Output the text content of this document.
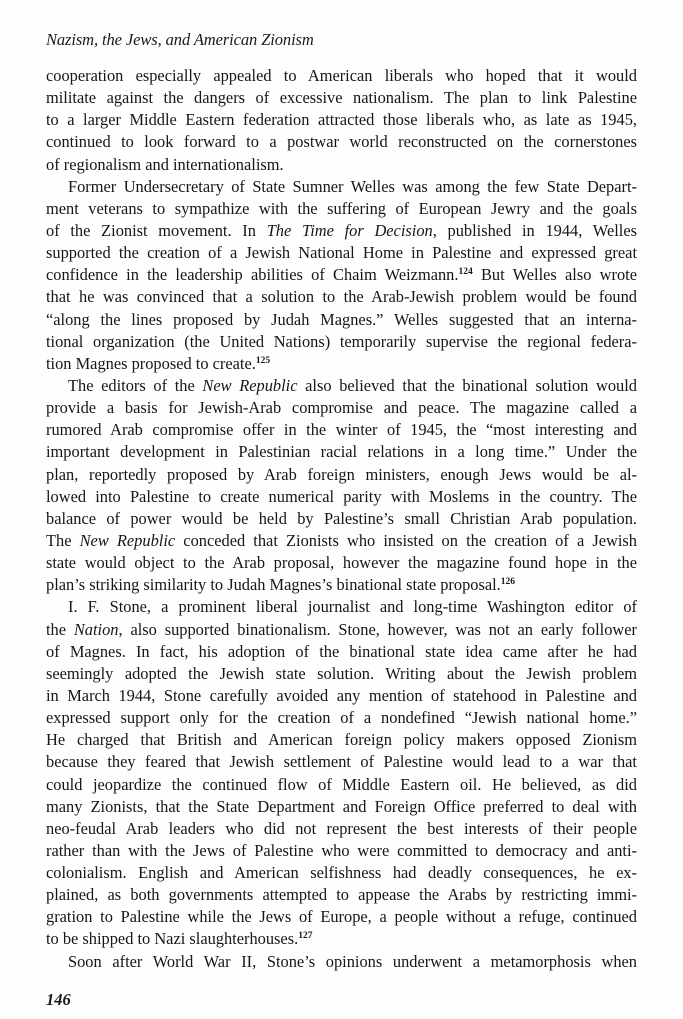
Nazism, the Jews, and American Zionism
cooperation especially appealed to American liberals who hoped that it would
militate against the dangers of excessive nationalism. The plan to link Palestine
to a larger Middle Eastern federation attracted those liberals who, as late as 1945,
continued to look forward to a postwar world reconstructed on the cornerstones
of regionalism and internationalism.
Former Undersecretary of State Sumner Welles was among the few State Depart-
ment veterans to sympathize with the suffering of European Jewry and the goals
of the Zionist movement. In The Time for Decision, published in 1944, Welles
supported the creation of a Jewish National Home in Palestine and expressed great
confidence in the leadership abilities of Chaim Weizmann.$^{124}$ But Welles also wrote
that he was convinced that a solution to the Arab-Jewish problem would be found
“along the lines proposed by Judah Magnes.” Welles suggested that an interna-
tional organization (the United Nations) temporarily supervise the regional federa-
tion Magnes proposed to create.$^{125}$
The editors of the New Republic also believed that the binational solution would
provide a basis for Jewish-Arab compromise and peace. The magazine called a
rumored Arab compromise offer in the winter of 1945, the “most interesting and
important development in Palestinian racial relations in a long time.” Under the
plan, reportedly proposed by Arab foreign ministers, enough Jews would be al-
lowed into Palestine to create numerical parity with Moslems in the country. The
balance of power would be held by Palestine’s small Christian Arab population.
The New Republic conceded that Zionists who insisted on the creation of a Jewish
state would object to the Arab proposal, however the magazine found hope in the
plan’s striking similarity to Judah Magnes’s binational state proposal.$^{126}$
I. F. Stone, a prominent liberal journalist and long-time Washington editor of
the Nation, also supported binationalism. Stone, however, was not an early follower
of Magnes. In fact, his adoption of the binational state idea came after he had
seemingly adopted the Jewish state solution. Writing about the Jewish problem
in March 1944, Stone carefully avoided any mention of statehood in Palestine and
expressed support only for the creation of a nondefined “Jewish national home.”
He charged that British and American foreign policy makers opposed Zionism
because they feared that Jewish settlement of Palestine would lead to a war that
could jeopardize the continued flow of Middle Eastern oil. He believed, as did
many Zionists, that the State Department and Foreign Office preferred to deal with
neo-feudal Arab leaders who did not represent the best interests of their people
rather than with the Jews of Palestine who were committed to democracy and anti-
colonialism. English and American selfishness had deadly consequences, he ex-
plained, as both governments attempted to appease the Arabs by restricting immi-
gration to Palestine while the Jews of Europe, a people without a refuge, continued
to be shipped to Nazi slaughterhouses.$^{127}$
Soon after World War II, Stone’s opinions underwent a metamorphosis when
146
